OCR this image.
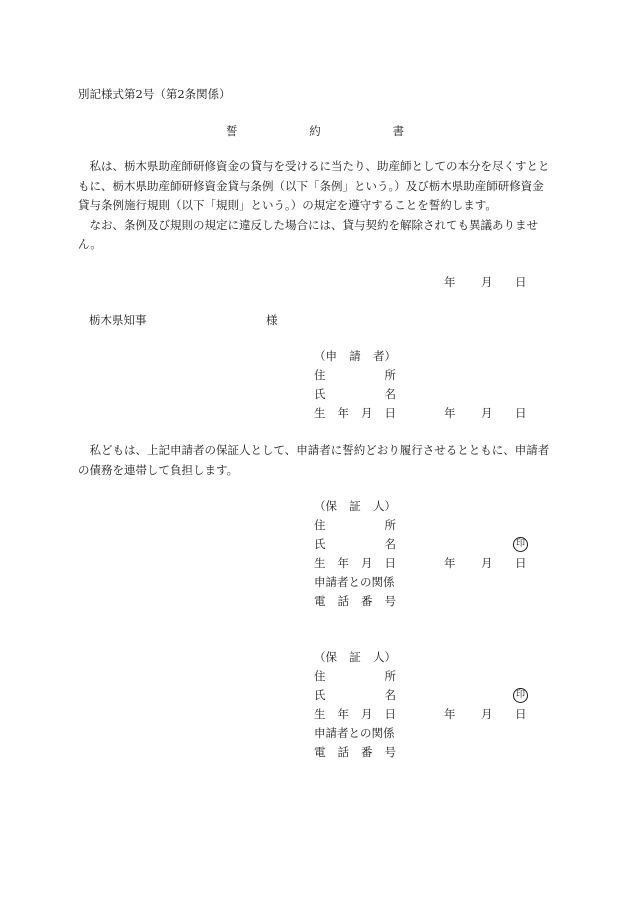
別記様式第2号（第2条関係）
誓	約	書

私は、栃木県助産師研修資金の貸与を受けるに当たり、助産師としての本分を尽くすとともに、栃木県助産師研修資金貸与条例（以下「条例」という。）及び栃木県助産師研修資金貸与条例施行規則（以下「規則」という。）の規定を遵守することを誓約します。

なお、条例及び規則の規定に違反した場合には、貸与契約を解除されても異議ありません。

年 月 日
栃木県知事	様
（申 請 者）
住	所
氏	名
生 年 月 日	年 月 日

私どもは、上記申請者の保証人として、申請者に誓約どおり履行させるとともに、申請者の債務を連帯して負担します。

（保 証 人）
住	所
氏	名	印
生 年 月 日	年 月 日
申請者との関係
電 話 番 号
（保 証 人）
住	所
氏	名	印
生 年 月 日	年 月 日
申請者との関係
電 話 番 号
